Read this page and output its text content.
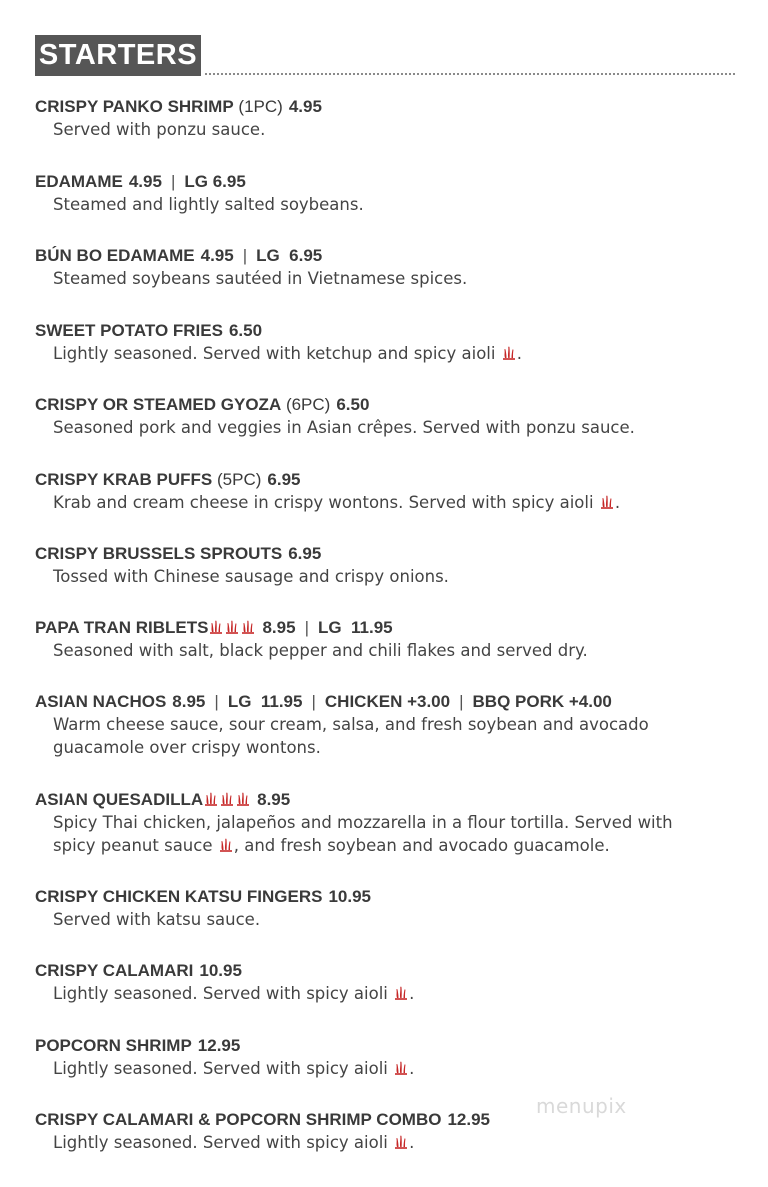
STARTERS
CRISPY PANKO SHRIMP (1PC) 4.95
Served with ponzu sauce.
EDAMAME 4.95 | LG 6.95
Steamed and lightly salted soybeans.
BÚN BO EDAMAME 4.95 | LG  6.95
Steamed soybeans sautéed in Vietnamese spices.
SWEET POTATO FRIES 6.50
Lightly seasoned. Served with ketchup and spicy aioli .
CRISPY OR STEAMED GYOZA (6PC) 6.50
Seasoned pork and veggies in Asian crêpes. Served with ponzu sauce.
CRISPY KRAB PUFFS (5PC) 6.95
Krab and cream cheese in crispy wontons. Served with spicy aioli .
CRISPY BRUSSELS SPROUTS 6.95
Tossed with Chinese sausage and crispy onions.
PAPA TRAN RIBLETS	8.95 | LG  11.95
Seasoned with salt, black pepper and chili flakes and served dry.
ASIAN NACHOS 8.95 | LG  11.95 | CHICKEN +3.00 | BBQ PORK +4.00
Warm cheese sauce, sour cream, salsa, and fresh soybean and avocado
guacamole over crispy wontons.
ASIAN QUESADILLA	8.95
Spicy Thai chicken, jalapeños and mozzarella in a flour tortilla. Served with
spicy peanut sauce , and fresh soybean and avocado guacamole.
CRISPY CHICKEN KATSU FINGERS 10.95
Served with katsu sauce.
CRISPY CALAMARI 10.95
Lightly seasoned. Served with spicy aioli .
POPCORN SHRIMP 12.95
Lightly seasoned. Served with spicy aioli .
CRISPY CALAMARI & POPCORN SHRIMP COMBO 12.95
Lightly seasoned. Served with spicy aioli .
menupix
